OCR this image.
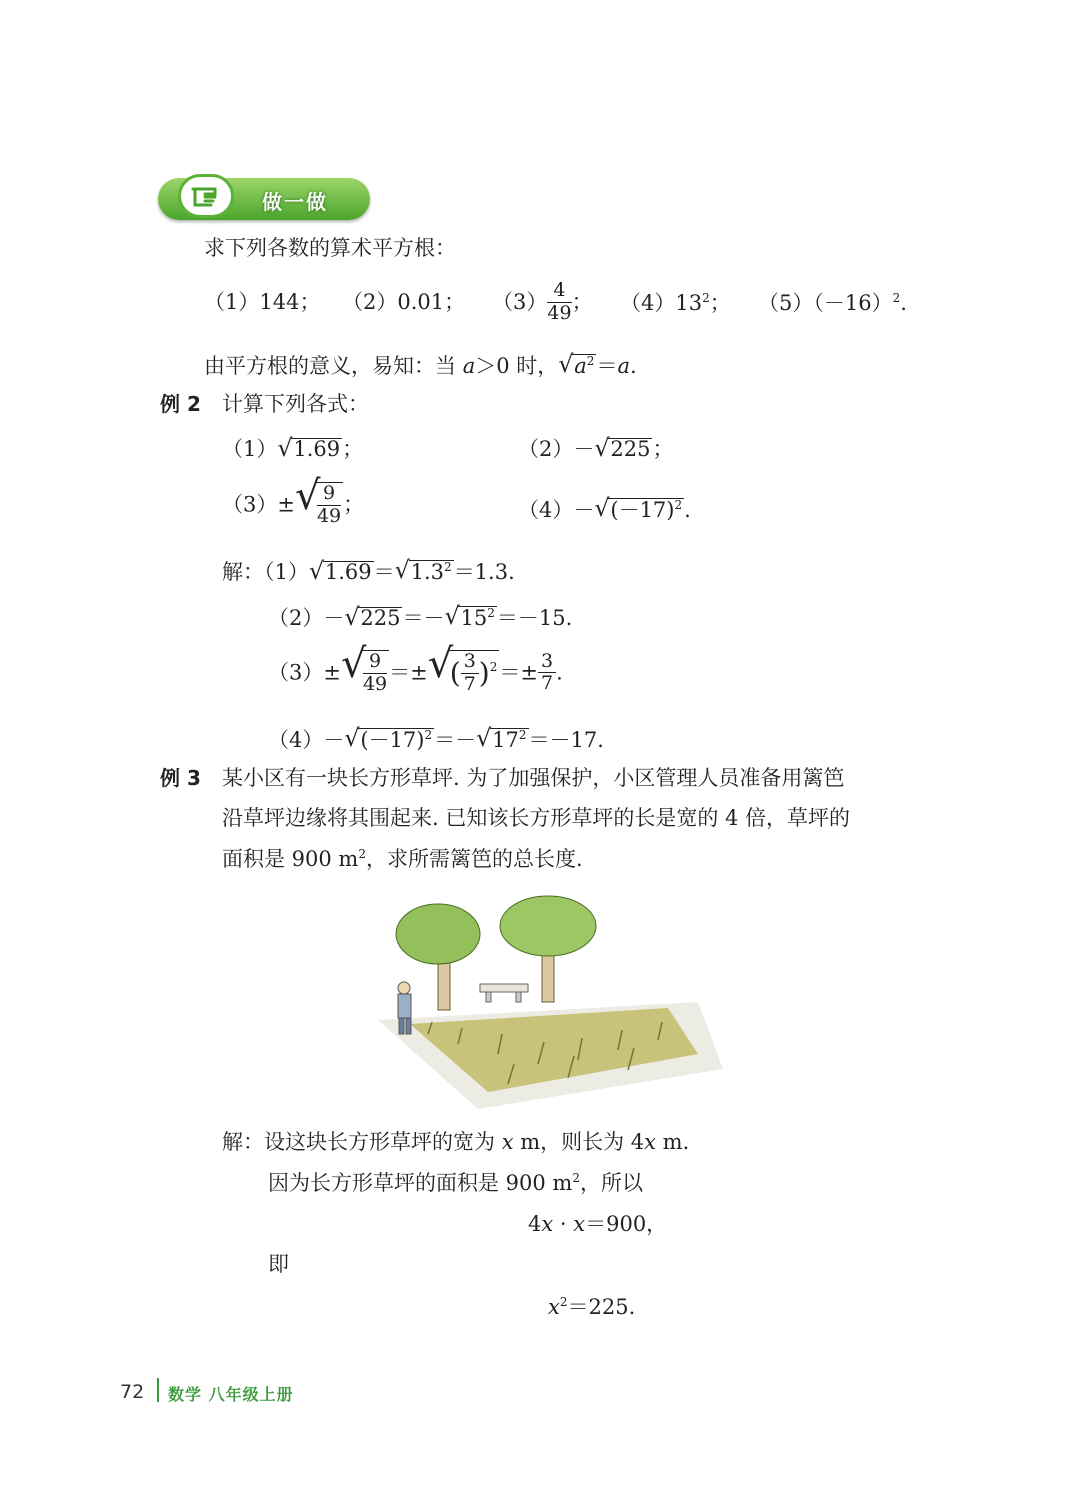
做一做
求下列各数的算术平方根：
（1）144； （2）0.01； $(3) \frac{4}{49}$ ； $(4)13^2$； $(5)(-16)^2$.
由平方根的意义，易知：当 a＞0 时， √ $a^2=a$.
例 2 计算下列各式：
（1） √ 1.69；	（2）－ √ 225；
（3）± √
$\frac{9}{49}$ ；	（4）－ √ $(-17)^2$.
解：（1） √ 1.69＝ √ $1.3^2=1.3$.
（2）－ √ 225＝－ √ $15^2=-15$.
（3）± √
$\frac{9}{49}$ ＝± √
( $\frac{3}{7} )^2=\pm \frac{3}{7}$ .
（4）－ √ $(-17)^2=-$ √ $17^2=-17$.
例 3 某小区有一块长方形草坪. 为了加强保护，小区管理人员准备用篱笆
沿草坪边缘将其围起来. 已知该长方形草坪的长是宽的 4 倍，草坪的
面积是 900 $m^2$，求所需篱笆的总长度.
解：设这块长方形草坪的宽为 x m，则长为 4x m.
因为长方形草坪的面积是 900 $m^2$，所以
4x · x＝900，
即
$x^2=225$.
72 数学 八年级上册
